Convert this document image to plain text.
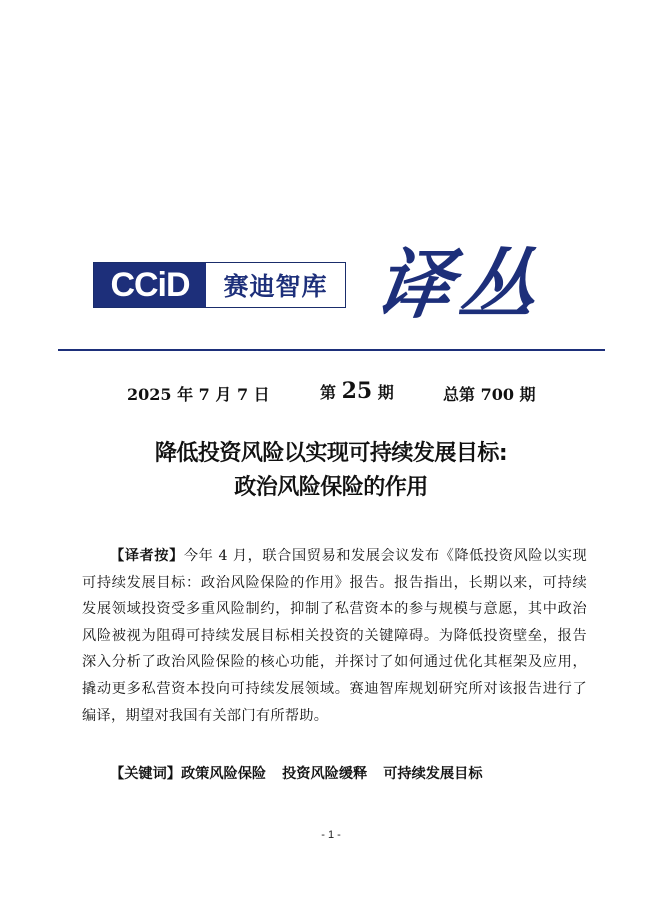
CCiD	赛迪智库 译丛
2025 年 7 月 7 日	第 25 期	总第 700 期
降低投资风险以实现可持续发展目标:
政治风险保险的作用
【译者按】今年 4 月，联合国贸易和发展会议发布《降低投资风险以实现可持续发展目标：政治风险保险的作用》报告。报告指出，长期以来，可持续发展领域投资受多重风险制约，抑制了私营资本的参与规模与意愿，其中政治风险被视为阻碍可持续发展目标相关投资的关键障碍。为降低投资壁垒，报告深入分析了政治风险保险的核心功能，并探讨了如何通过优化其框架及应用，撬动更多私营资本投向可持续发展领域。赛迪智库规划研究所对该报告进行了编译，期望对我国有关部门有所帮助。
【关键词】政策风险保险 投资风险缓释 可持续发展目标
- 1 -
